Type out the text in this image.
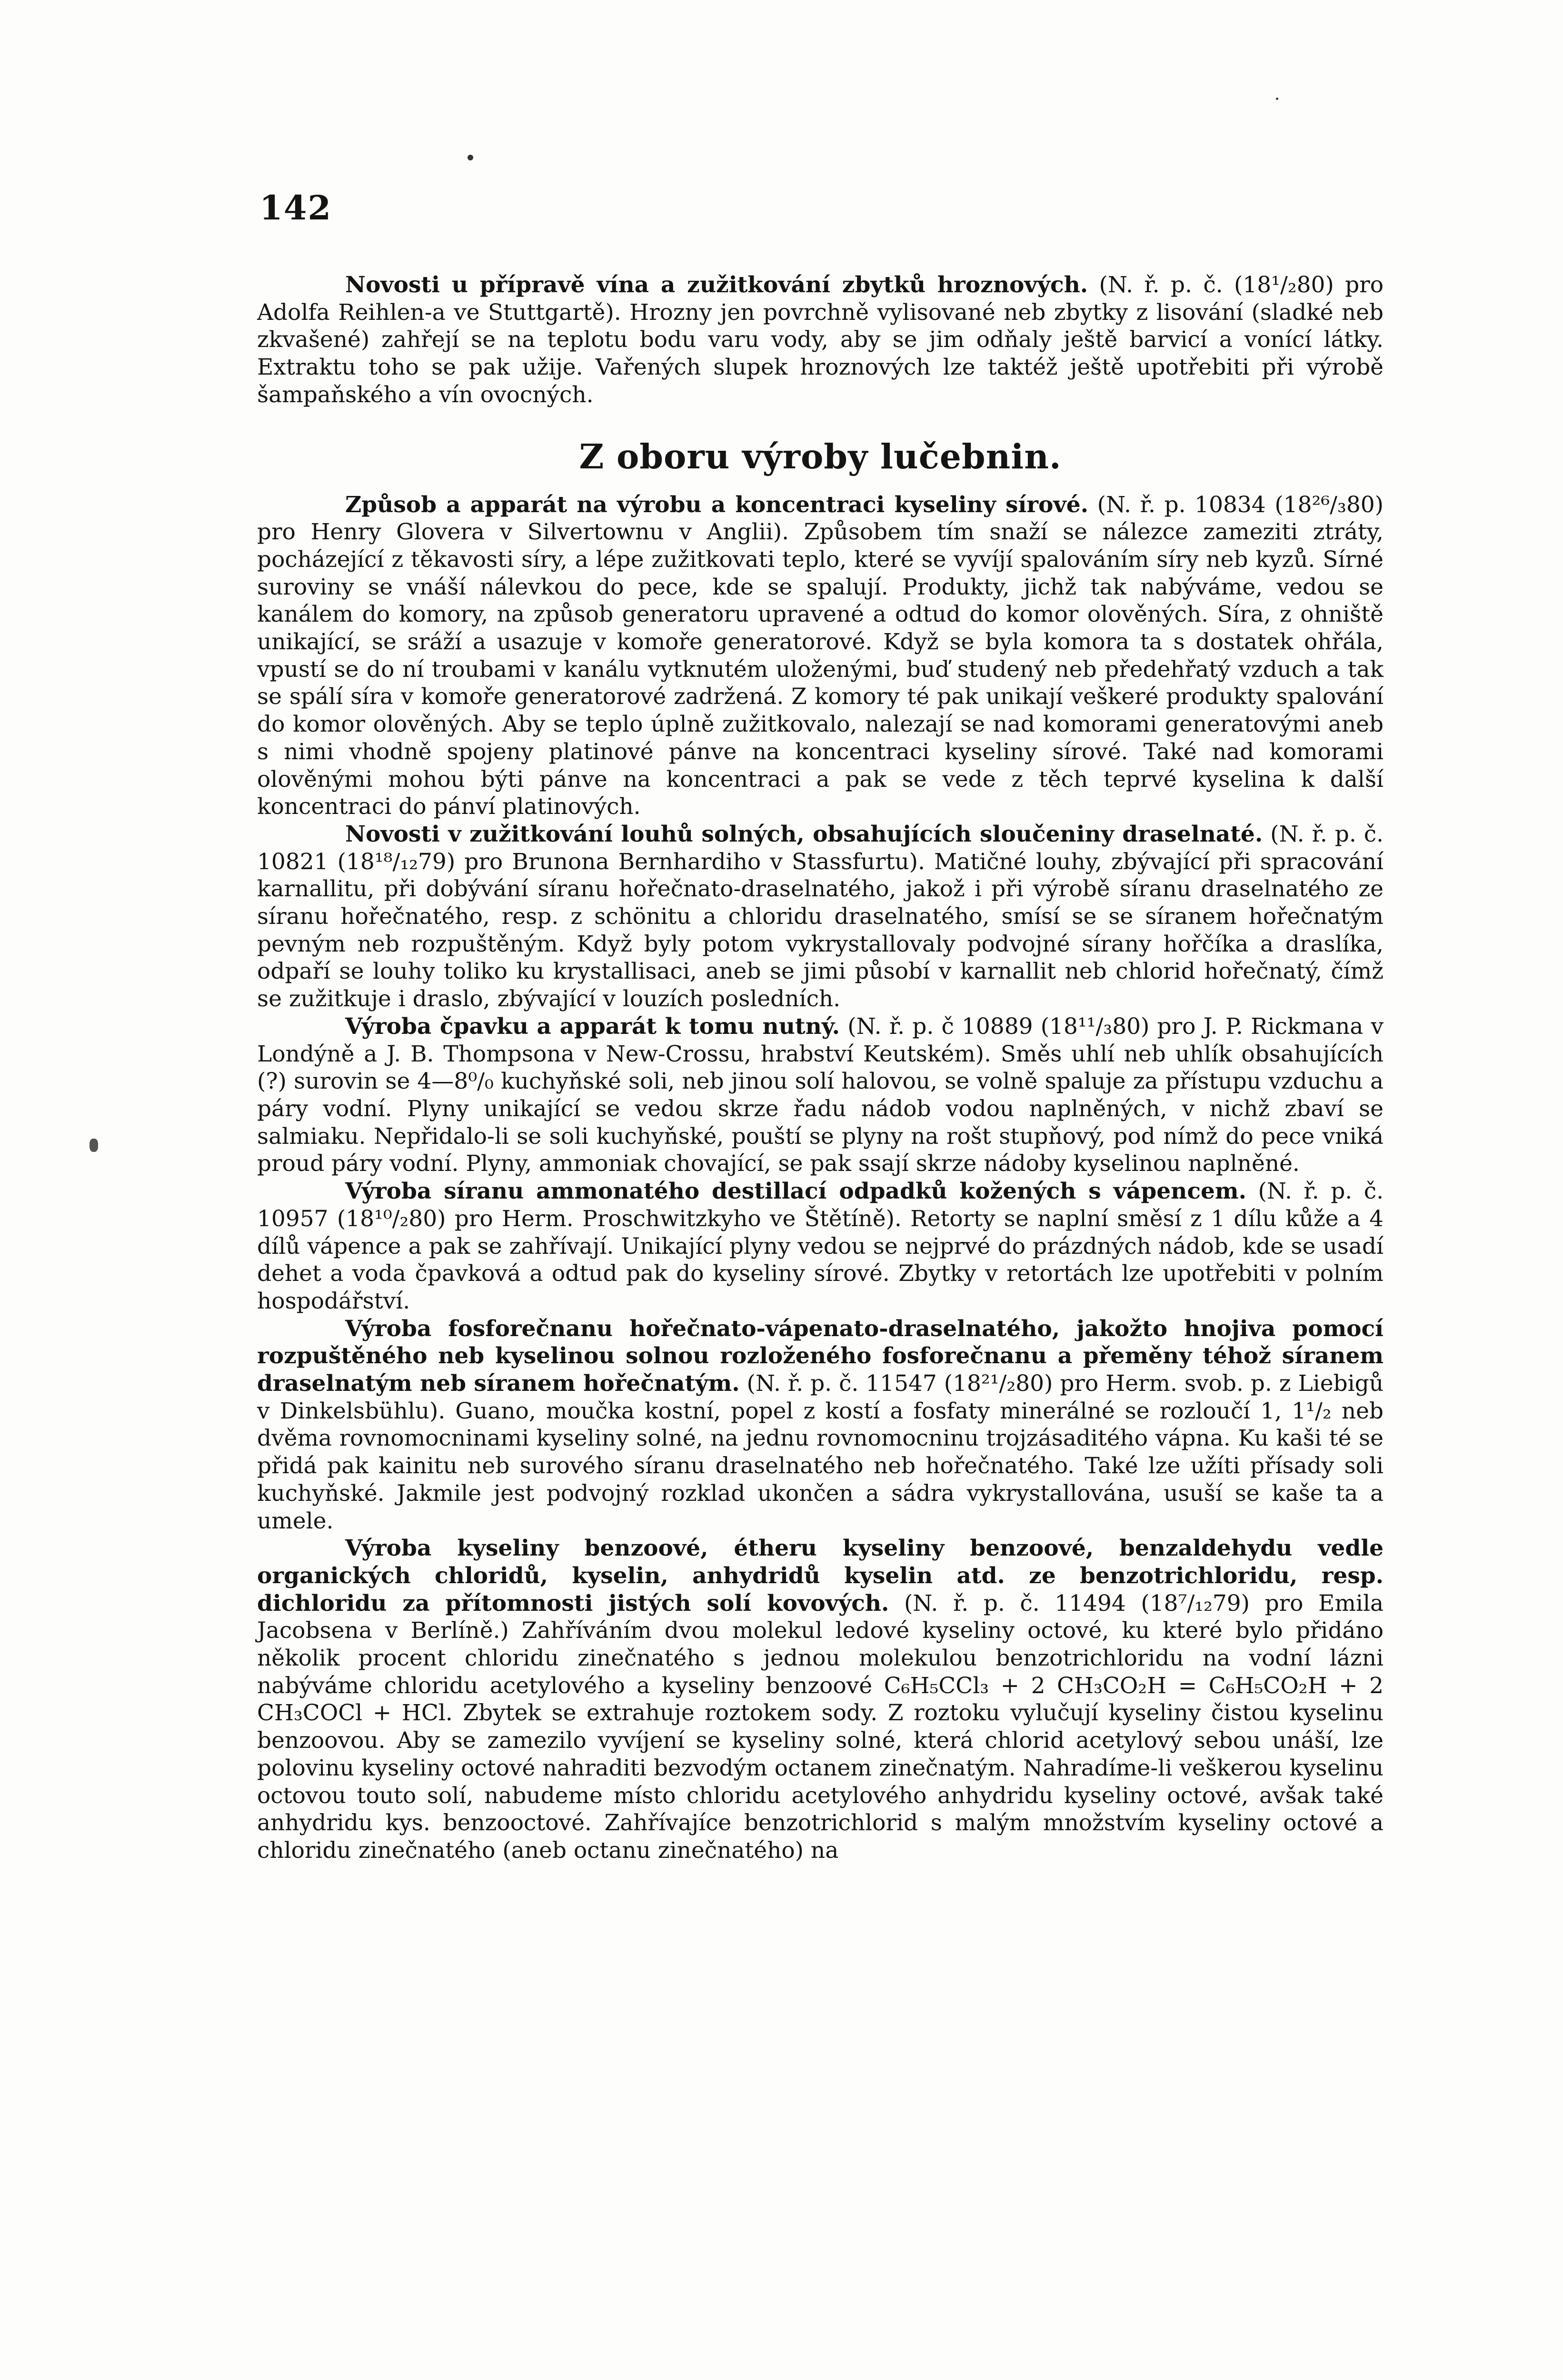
142

Novosti u přípravě vína a zužitkování zbytků hroznových. (N. ř. p. č. (18¹/₂80) pro Adolfa Reihlen-a ve Stuttgartě). Hrozny jen povrchně vylisované neb zbytky z lisování (sladké neb zkvašené) zahřejí se na teplotu bodu varu vody, aby se jim odňaly ještě barvicí a vonící látky. Extraktu toho se pak užije. Vařených slupek hroznových lze taktéž ještě upotřebiti při výrobě šampaňského a vín ovocných.

Z oboru výroby lučebnin.

Způsob a apparát na výrobu a koncentraci kyseliny sírové. (N. ř. p. 10834 (18²⁶/₃80) pro Henry Glovera v Silvertownu v Anglii). Způsobem tím snaží se nálezce zameziti ztráty, pocházející z těkavosti síry, a lépe zužitkovati teplo, které se vyvíjí spalováním síry neb kyzů. Sírné suroviny se vnáší nálevkou do pece, kde se spalují. Produkty, jichž tak nabýváme, vedou se kanálem do komory, na způsob generatoru upravené a odtud do komor olověných. Síra, z ohniště unikající, se sráží a usazuje v komoře generatorové. Když se byla komora ta s dostatek ohřála, vpustí se do ní troubami v kanálu vytknutém uloženými, buď studený neb předehřatý vzduch a tak se spálí síra v komoře generatorové zadržená. Z komory té pak unikají veškeré produkty spalování do komor olověných. Aby se teplo úplně zužitkovalo, nalezají se nad komorami generatovými aneb s nimi vhodně spojeny platinové pánve na koncentraci kyseliny sírové. Také nad komorami olověnými mohou býti pánve na koncentraci a pak se vede z těch teprvé kyselina k další koncentraci do pánví platinových.

Novosti v zužitkování louhů solných, obsahujících sloučeniny draselnaté. (N. ř. p. č. 10821 (18¹⁸/₁₂79) pro Brunona Bernhardiho v Stassfurtu). Matičné louhy, zbývající při spracování karnallitu, při dobývání síranu hořečnato-draselnatého, jakož i při výrobě síranu draselnatého ze síranu hořečnatého, resp. z schönitu a chloridu draselnatého, smísí se se síranem hořečnatým pevným neb rozpuštěným. Když byly potom vykrystallovaly podvojné sírany hořčíka a draslíka, odpaří se louhy toliko ku krystallisaci, aneb se jimi působí v karnallit neb chlorid hořečnatý, čímž se zužitkuje i draslo, zbývající v louzích posledních.

Výroba čpavku a apparát k tomu nutný. (N. ř. p. č 10889 (18¹¹/₃80) pro J. P. Rickmana v Londýně a J. B. Thompsona v New-Crossu, hrabství Keutském). Směs uhlí neb uhlík obsahujících (?) surovin se 4—8⁰/₀ kuchyňské soli, neb jinou solí halovou, se volně spaluje za přístupu vzduchu a páry vodní. Plyny unikající se vedou skrze řadu nádob vodou naplněných, v nichž zbaví se salmiaku. Nepřidalo-li se soli kuchyňské, pouští se plyny na rošt stupňový, pod nímž do pece vniká proud páry vodní. Plyny, ammoniak chovající, se pak ssají skrze nádoby kyselinou naplněné.

Výroba síranu ammonatého destillací odpadků kožených s vápencem. (N. ř. p. č. 10957 (18¹⁰/₂80) pro Herm. Proschwitzkyho ve Štětíně). Retorty se naplní směsí z 1 dílu kůže a 4 dílů vápence a pak se zahřívají. Unikající plyny vedou se nejprvé do prázdných nádob, kde se usadí dehet a voda čpavková a odtud pak do kyseliny sírové. Zbytky v retortách lze upotřebiti v polním hospodářství.

Výroba fosforečnanu hořečnato-vápenato-draselnatého, jakožto hnojiva pomocí rozpuštěného neb kyselinou solnou rozloženého fosforečnanu a přeměny téhož síranem draselnatým neb síranem hořečnatým. (N. ř. p. č. 11547 (18²¹/₂80) pro Herm. svob. p. z Liebigů v Dinkelsbühlu). Guano, moučka kostní, popel z kostí a fosfaty minerálné se rozloučí 1, 1¹/₂ neb dvěma rovnomocninami kyseliny solné, na jednu rovnomocninu trojzásaditého vápna. Ku kaši té se přidá pak kainitu neb surového síranu draselnatého neb hořečnatého. Také lze užíti přísady soli kuchyňské. Jakmile jest podvojný rozklad ukončen a sádra vykrystallována, usuší se kaše ta a umele.

Výroba kyseliny benzoové, étheru kyseliny benzoové, benzaldehydu vedle organických chloridů, kyselin, anhydridů kyselin atd. ze benzotrichloridu, resp. dichloridu za přítomnosti jistých solí kovových. (N. ř. p. č. 11494 (18⁷/₁₂79) pro Emila Jacobsena v Berlíně.) Zahříváním dvou molekul ledové kyseliny octové, ku které bylo přidáno několik procent chloridu zinečnatého s jednou molekulou benzotrichloridu na vodní lázni nabýváme chloridu acetylového a kyseliny benzoové C₆H₅CCl₃ + 2 CH₃CO₂H = C₆H₅CO₂H + 2 CH₃COCl + HCl. Zbytek se extrahuje roztokem sody. Z roztoku vylučují kyseliny čistou kyselinu benzoovou. Aby se zamezilo vyvíjení se kyseliny solné, která chlorid acetylový sebou unáší, lze polovinu kyseliny octové nahraditi bezvodým octanem zinečnatým. Nahradíme-li veškerou kyselinu octovou touto solí, nabudeme místo chloridu acetylového anhydridu kyseliny octové, avšak také anhydridu kys. benzooctové. Zahřívajíce benzotrichlorid s malým množstvím kyseliny octové a chloridu zinečnatého (aneb octanu zinečnatého) na
